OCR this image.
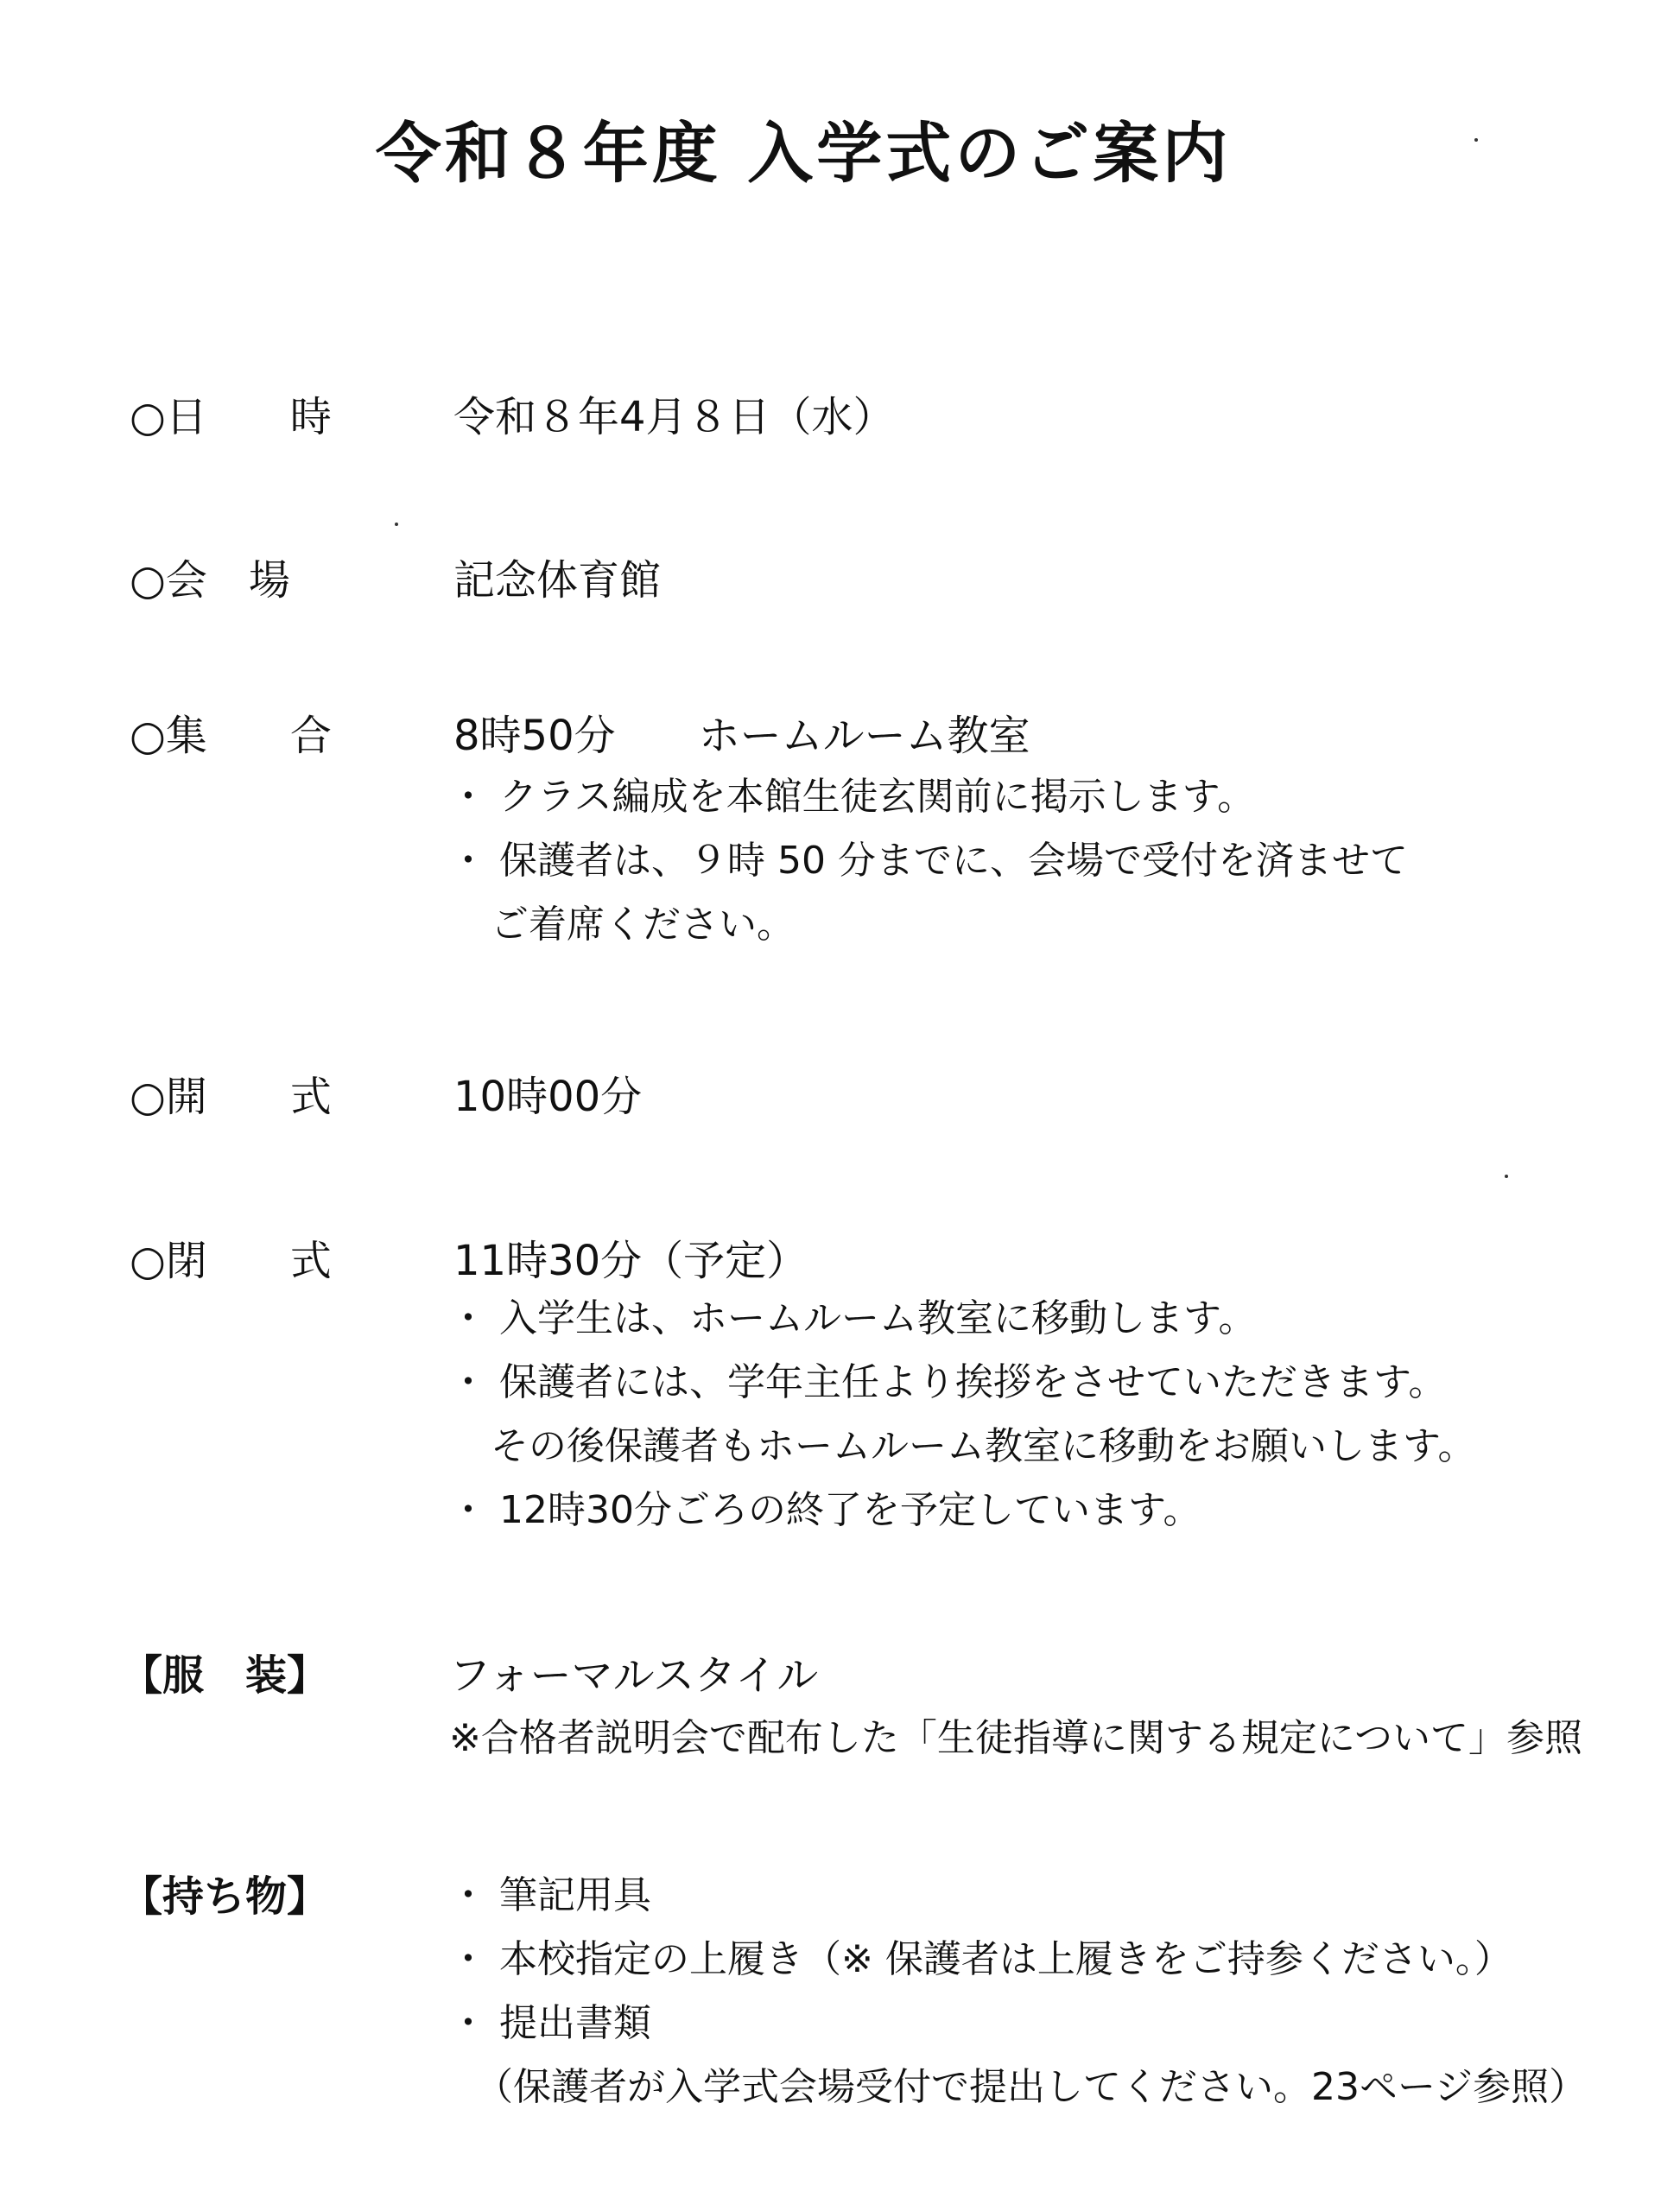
令和８年度 入学式のご案内
○日　　時	令和８年4月８日（水）
○会　場	記念体育館
○集　　合	8時50分　　ホームルーム教室
・ クラス編成を本館生徒玄関前に掲示します。
・ 保護者は、９時 50 分までに、会場で受付を済ませて
ご着席ください。
○開　　式	10時00分
○閉　　式	11時30分（予定）
・ 入学生は、ホームルーム教室に移動します。
・ 保護者には、学年主任より挨拶をさせていただきます。
その後保護者もホームルーム教室に移動をお願いします。
・ 12時30分ごろの終了を予定しています。
【服　装】	フォーマルスタイル
※合格者説明会で配布した「生徒指導に関する規定について」参照
【持ち物】	・ 筆記用具
・ 本校指定の上履き（※ 保護者は上履きをご持参ください。）
・ 提出書類
（保護者が入学式会場受付で提出してください。23ページ参照）
